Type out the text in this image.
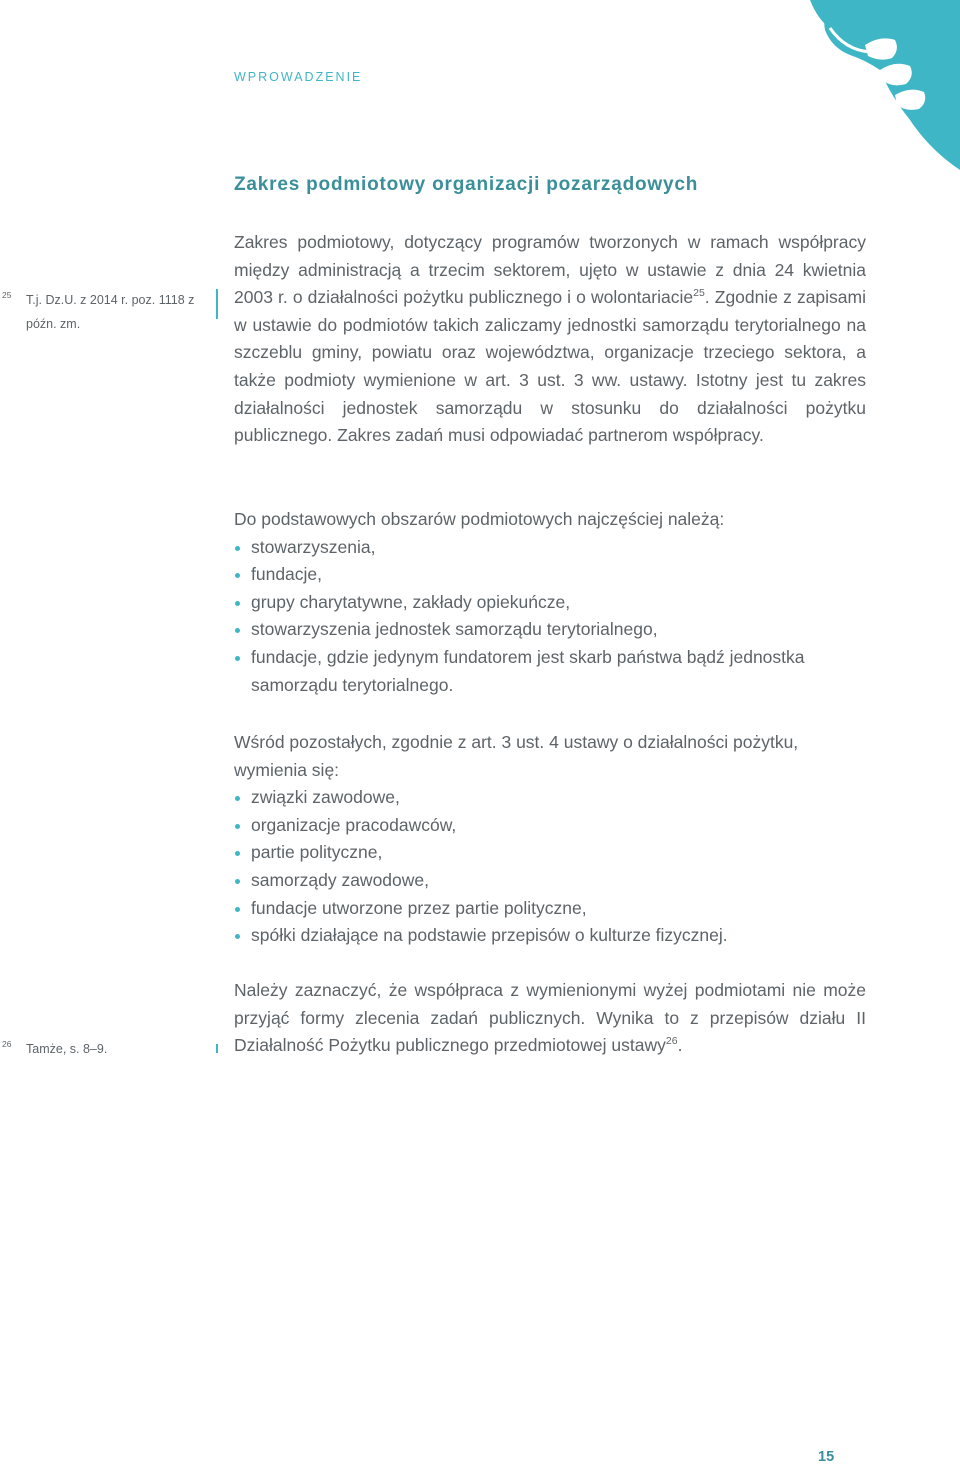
WPROWADZENIE
Zakres podmiotowy organizacji pozarządowych

Zakres podmiotowy, dotyczący programów tworzonych w ramach współpracy między administracją a trzecim sektorem, ujęto w ustawie z dnia 24 kwietnia 2003 r. o działalności pożytku publicznego i o wolontariacie$^{25}$. Zgodnie z zapisami w ustawie do podmiotów takich zaliczamy jednostki samorządu terytorialnego na szczeblu gminy, powiatu oraz województwa, organizacje trzeciego sektora, a także podmioty wymienione w art. 3 ust. 3 ww. ustawy. Istotny jest tu zakres działalności jednostek samorządu w stosunku do działalności pożytku publicznego. Zakres zadań musi odpowiadać partnerom współpracy.

Do podstawowych obszarów podmiotowych najczęściej należą:
stowarzyszenia,
fundacje,
grupy charytatywne, zakłady opiekuńcze,
stowarzyszenia jednostek samorządu terytorialnego,
fundacje, gdzie jedynym fundatorem jest skarb państwa bądź jednostka samorządu terytorialnego.
Wśród pozostałych, zgodnie z art. 3 ust. 4 ustawy o działalności pożytku, wymienia się:
związki zawodowe,
organizacje pracodawców,
partie polityczne,
samorządy zawodowe,
fundacje utworzone przez partie polityczne,
spółki działające na podstawie przepisów o kulturze fizycznej.

Należy zaznaczyć, że współpraca z wymienionymi wyżej podmiotami nie może przyjąć formy zlecenia zadań publicznych. Wynika to z przepisów działu II Działalność Pożytku publicznego przedmiotowej ustawy$^{26}$.

25 T.j. Dz.U. z 2014 r. poz. 1118 z późn. zm.
26 Tamże, s. 8–9.
15
